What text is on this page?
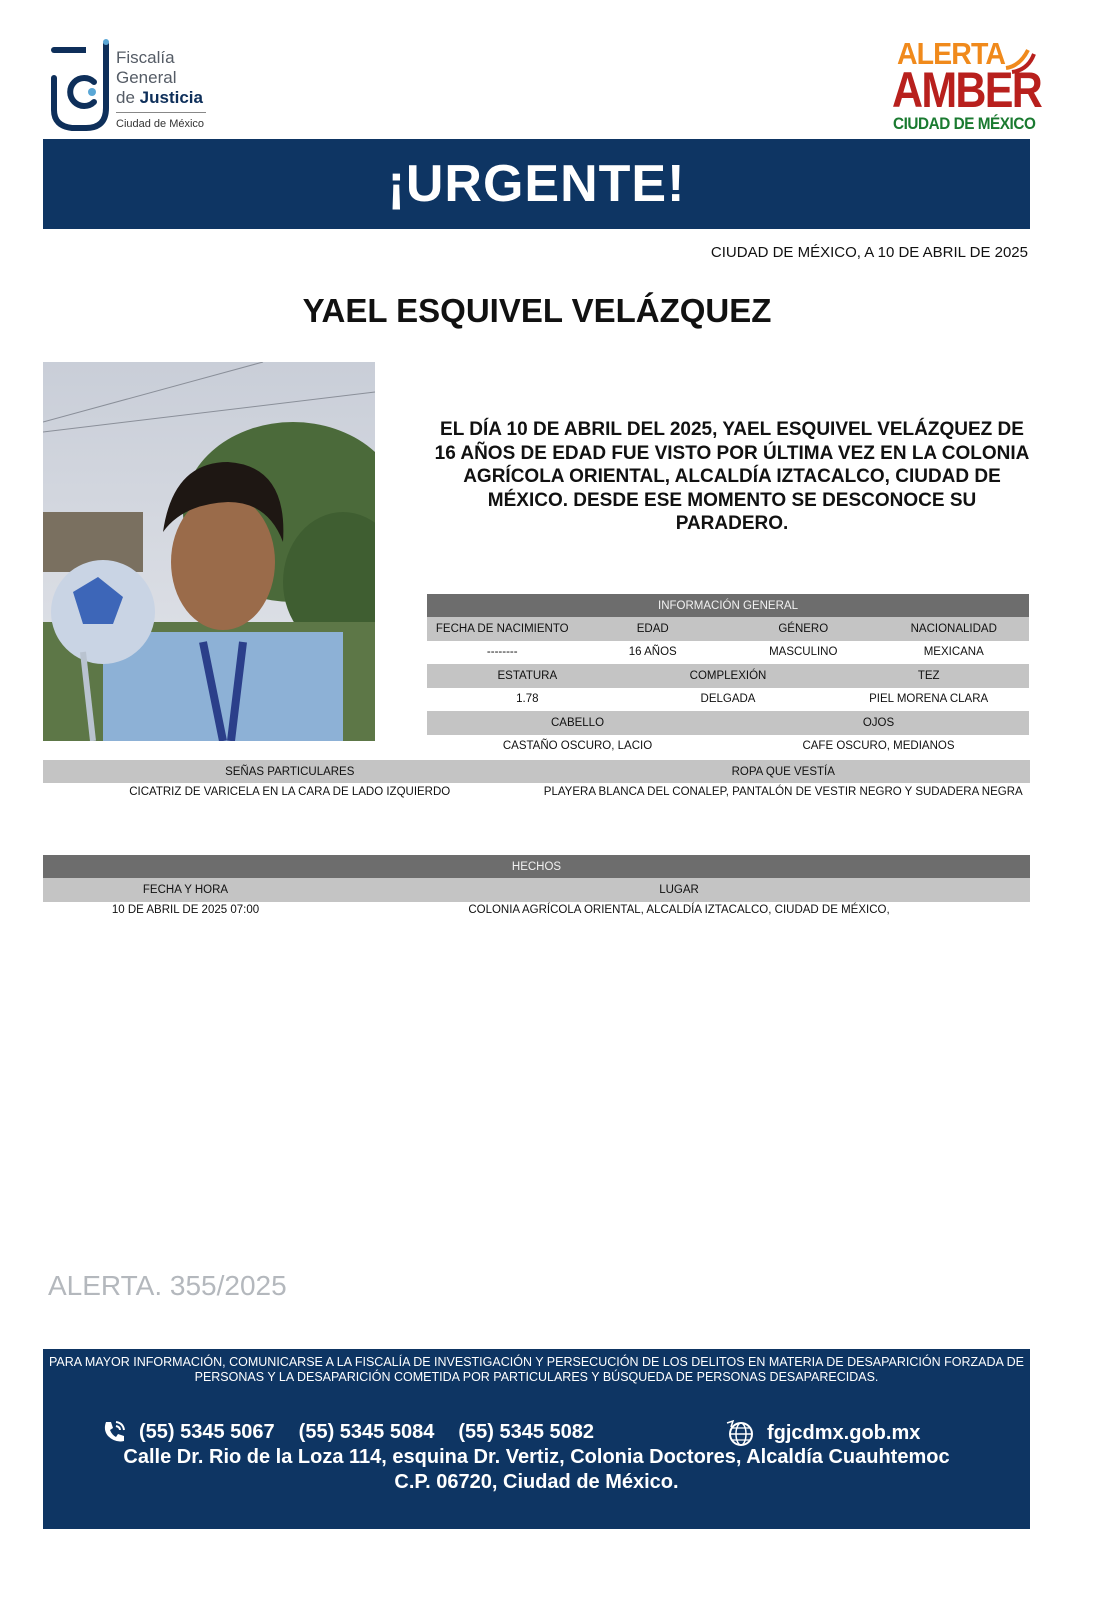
Fiscalía
General
de Justicia
Ciudad de México
ALERTA
AMBER
CIUDAD DE MÉXICO
¡URGENTE!
CIUDAD DE MÉXICO, A 10 DE ABRIL DE 2025
YAEL ESQUIVEL VELÁZQUEZ
EL DÍA 10 DE ABRIL DEL 2025, YAEL ESQUIVEL VELÁZQUEZ DE 16 AÑOS DE EDAD FUE VISTO POR ÚLTIMA VEZ EN LA COLONIA AGRÍCOLA ORIENTAL, ALCALDÍA IZTACALCO, CIUDAD DE MÉXICO. DESDE ESE MOMENTO SE DESCONOCE SU PARADERO.
INFORMACIÓN GENERAL
FECHA DE NACIMIENTO	EDAD	GÉNERO	NACIONALIDAD
--------	16 AÑOS	MASCULINO	MEXICANA
ESTATURA	COMPLEXIÓN	TEZ
1.78	DELGADA	PIEL MORENA CLARA
CABELLO	OJOS
CASTAÑO OSCURO, LACIO	CAFE OSCURO, MEDIANOS
SEÑAS PARTICULARES	ROPA QUE VESTÍA
CICATRIZ DE VARICELA EN LA CARA DE LADO IZQUIERDO	PLAYERA BLANCA DEL CONALEP, PANTALÓN DE VESTIR NEGRO Y SUDADERA NEGRA
HECHOS
FECHA Y HORA	LUGAR
10 DE ABRIL DE 2025 07:00	COLONIA AGRÍCOLA ORIENTAL, ALCALDÍA IZTACALCO, CIUDAD DE MÉXICO,
ALERTA. 355/2025
PARA MAYOR INFORMACIÓN, COMUNICARSE A LA FISCALÍA DE INVESTIGACIÓN Y PERSECUCIÓN DE LOS DELITOS EN MATERIA DE DESAPARICIÓN FORZADA DE PERSONAS Y LA DESAPARICIÓN COMETIDA POR PARTICULARES Y BÚSQUEDA DE PERSONAS DESAPARECIDAS.
(55) 5345 5067 (55) 5345 5084 (55) 5345 5082	fgjcdmx.gob.mx
Calle Dr. Rio de la Loza 114, esquina Dr. Vertiz, Colonia Doctores, Alcaldía Cuauhtemoc
C.P. 06720, Ciudad de México.
